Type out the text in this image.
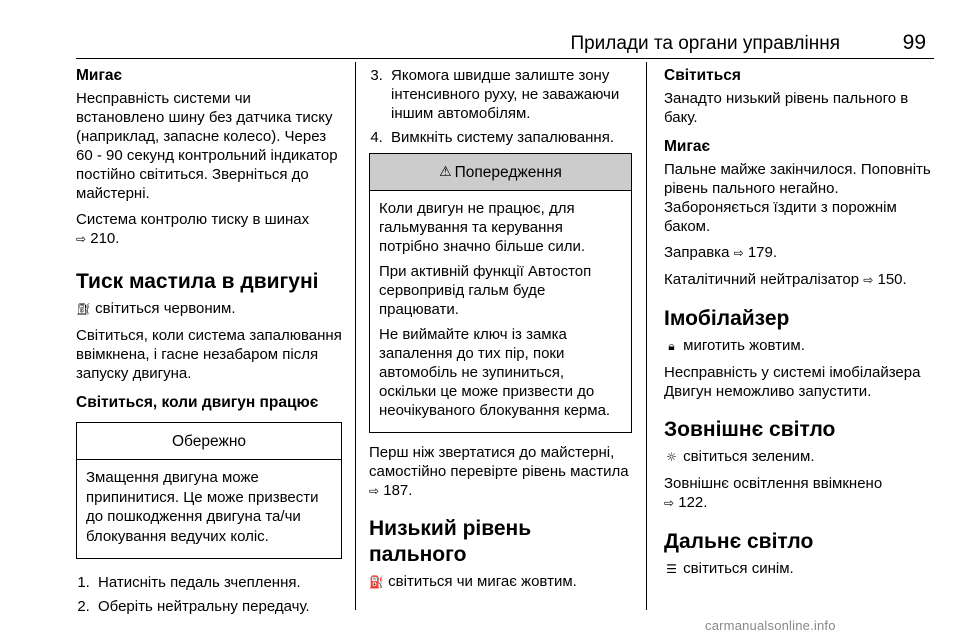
Прилади та органи управління	99
Мигає

Несправність системи чи встановлено шину без датчика тиску (наприклад, запасне колесо). Через 60 - 90 секунд контрольний індикатор постійно світиться. Зверніться до майстерні.

Система контролю тиску в шинах
⇨ 210.

Тиск мастила в двигуні

⛽︎ світиться червоним.

Світиться, коли система запалювання ввімкнена, і гасне незабаром після запуску двигуна.

Світиться, коли двигун працює
Обережно

Змащення двигуна може припинитися. Це може призвести до пошкодження двигуна та/чи блокування ведучих коліс.

1. Натисніть педаль зчеплення.
2. Оберіть нейтральну передачу.
3. Якомога швидше залиште зону інтенсивного руху, не заважаючи іншим автомобілям.
4. Вимкніть систему запалювання.
⚠ Попередження

Коли двигун не працює, для гальмування та керування потрібно значно більше сили.

При активній функції Автостоп сервопривід гальм буде працювати.

Не виймайте ключ із замка запалення до тих пір, поки автомобіль не зупиниться, оскільки це може призвести до неочікуваного блокування керма.

Перш ніж звертатися до майстерні, самостійно перевірте рівень мастила ⇨ 187.

Низький рівень пального

⛽ світиться чи мигає жовтим.

Світиться

Занадто низький рівень пального в баку.

Мигає

Пальне майже закінчилося. Поповніть рівень пального негайно. Забороняється їздити з порожнім баком.

Заправка ⇨ 179.

Каталітичний нейтралізатор ⇨ 150.

Імобілайзер

🔒︎ миготить жовтим.

Несправність у системі імобілайзера Двигун неможливо запустити.

Зовнішнє світло

☼ світиться зеленим.

Зовнішнє освітлення ввімкнено
⇨ 122.

Дальнє світло

☰ світиться синім.

carmanualsonline.info
